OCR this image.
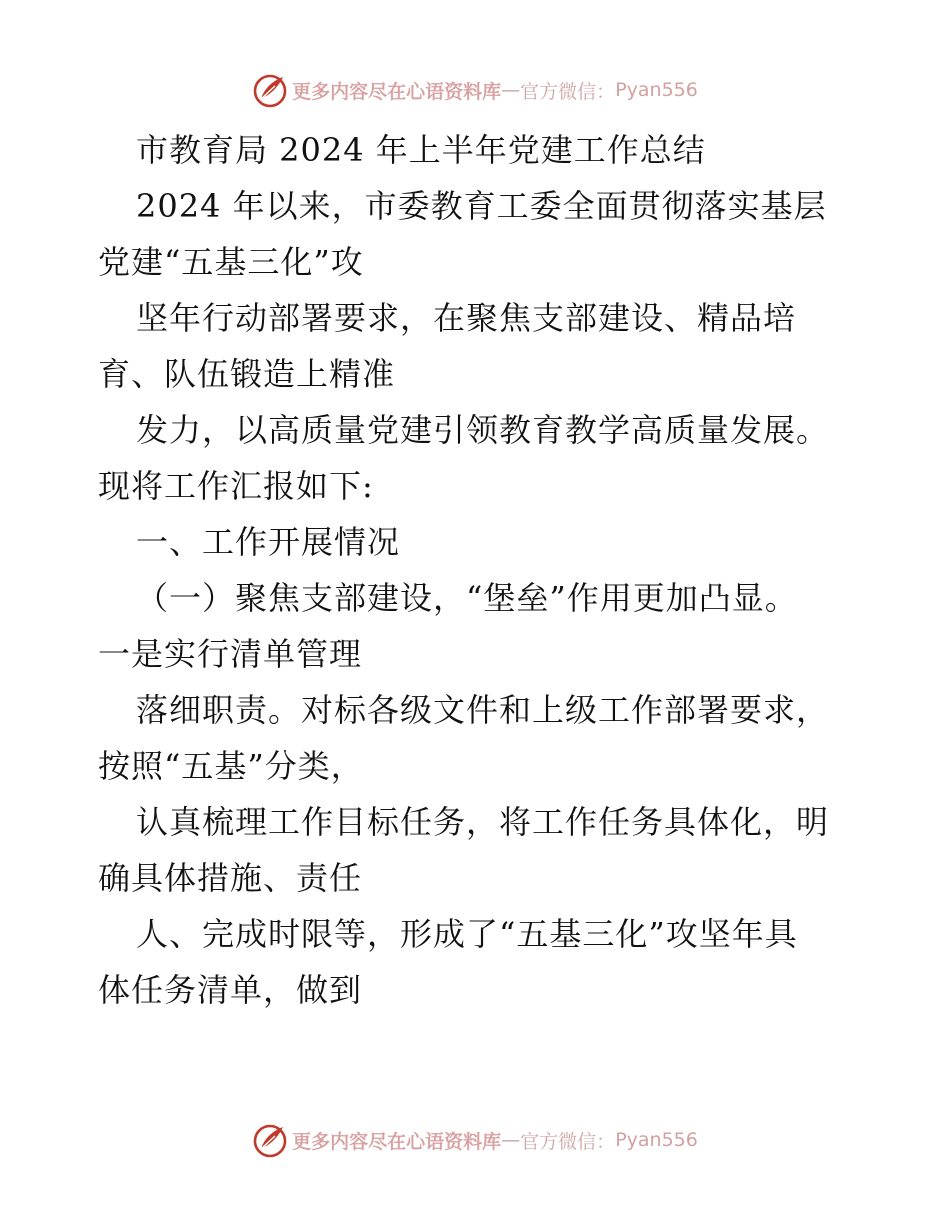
更多内容尽在心语资料库 — 官方微信： Pyan556
市教育局 2024 年上半年党建工作总结
2024 年以来，市委教育工委全面贯彻落实基层
党建“五基三化”攻
坚年行动部署要求，在聚焦支部建设、精品培
育、队伍锻造上精准
发力，以高质量党建引领教育教学高质量发展。
现将工作汇报如下:
一、工作开展情况
（一）聚焦支部建设，“堡垒”作用更加凸显。
一是实行清单管理
落细职责。对标各级文件和上级工作部署要求，
按照“五基”分类，
认真梳理工作目标任务，将工作任务具体化，明
确具体措施、责任
人、完成时限等，形成了“五基三化”攻坚年具
体任务清单，做到
更多内容尽在心语资料库 — 官方微信： Pyan556
